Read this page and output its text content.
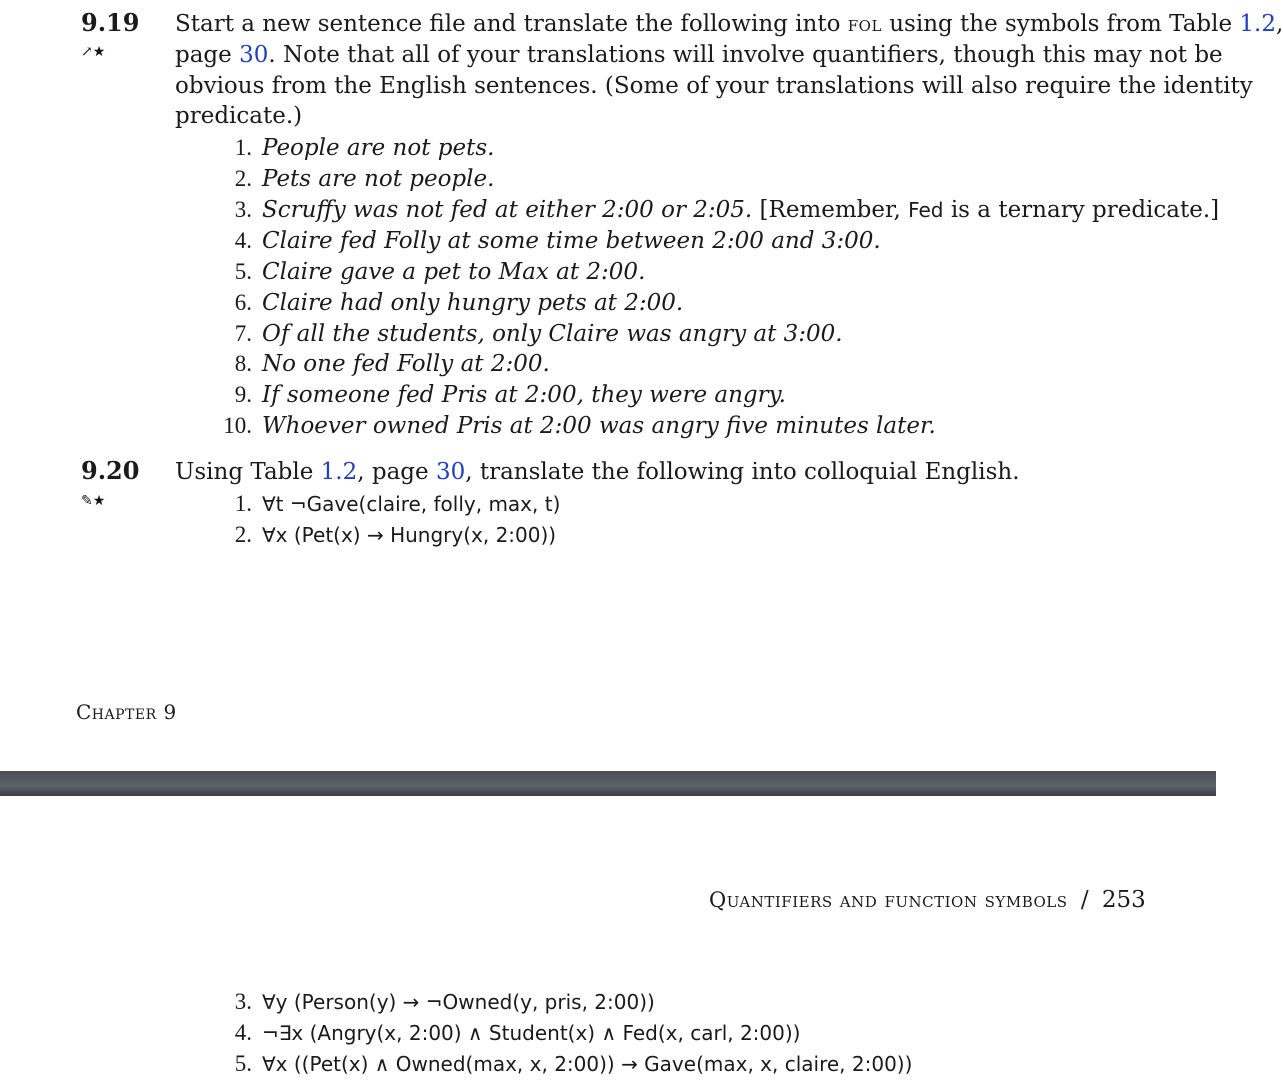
9.19
↗★
Start a new sentence file and translate the following into fol using the symbols from Table 1.2,
page 30. Note that all of your translations will involve quantifiers, though this may not be
obvious from the English sentences. (Some of your translations will also require the identity
predicate.)
1. People are not pets.
2. Pets are not people.
3. Scruffy was not fed at either 2:00 or 2:05. [Remember, Fed is a ternary predicate.]
4. Claire fed Folly at some time between 2:00 and 3:00.
5. Claire gave a pet to Max at 2:00.
6. Claire had only hungry pets at 2:00.
7. Of all the students, only Claire was angry at 3:00.
8. No one fed Folly at 2:00.
9. If someone fed Pris at 2:00, they were angry.
10. Whoever owned Pris at 2:00 was angry five minutes later.
9.20
✎★
Using Table 1.2, page 30, translate the following into colloquial English.
1. ∀t ¬Gave(claire, folly, max, t)
2. ∀x (Pet(x) → Hungry(x, 2:00))
Chapter 9
Quantifiers and function symbols / 253
3. ∀y (Person(y) → ¬Owned(y, pris, 2:00))
4. ¬∃x (Angry(x, 2:00) ∧ Student(x) ∧ Fed(x, carl, 2:00))
5. ∀x ((Pet(x) ∧ Owned(max, x, 2:00)) → Gave(max, x, claire, 2:00))
